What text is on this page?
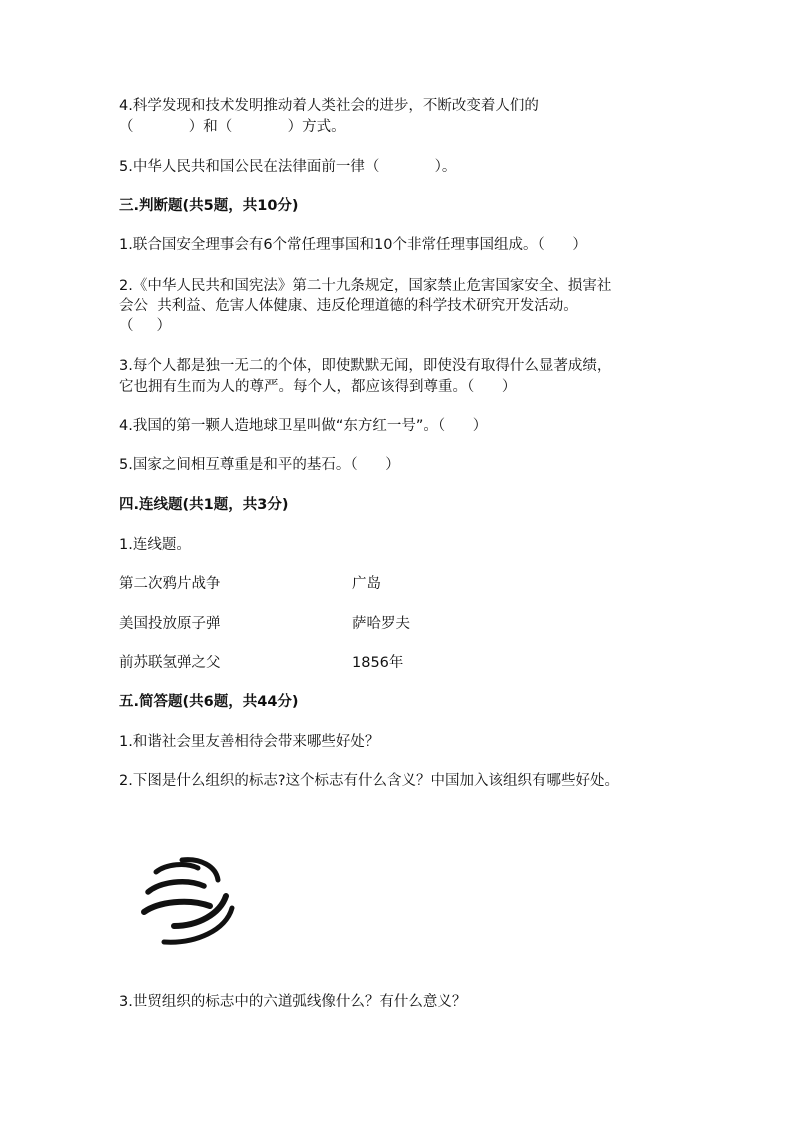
4.科学发现和技术发明推动着人类社会的进步，不断改变着人们的
（            ）和（            ）方式。
5.中华人民共和国公民在法律面前一律（            ）。
三.判断题(共5题，共10分)
1.联合国安全理事会有6个常任理事国和10个非常任理事国组成。（      ）
2.《中华人民共和国宪法》第二十九条规定，国家禁止危害国家安全、损害社
会公  共利益、危害人体健康、违反伦理道德的科学技术研究开发活动。
（     ）
3.每个人都是独一无二的个体，即使默默无闻，即使没有取得什么显著成绩，
它也拥有生而为人的尊严。每个人，都应该得到尊重。（      ）
4.我国的第一颗人造地球卫星叫做“东方红一号”。（      ）
5.国家之间相互尊重是和平的基石。（      ）
四.连线题(共1题，共3分)
1.连线题。
第二次鸦片战争	广岛
美国投放原子弹	萨哈罗夫
前苏联氢弹之父	1856年
五.简答题(共6题，共44分)
1.和谐社会里友善相待会带来哪些好处？
2.下图是什么组织的标志?这个标志有什么含义？中国加入该组织有哪些好处。
3.世贸组织的标志中的六道弧线像什么？有什么意义？
